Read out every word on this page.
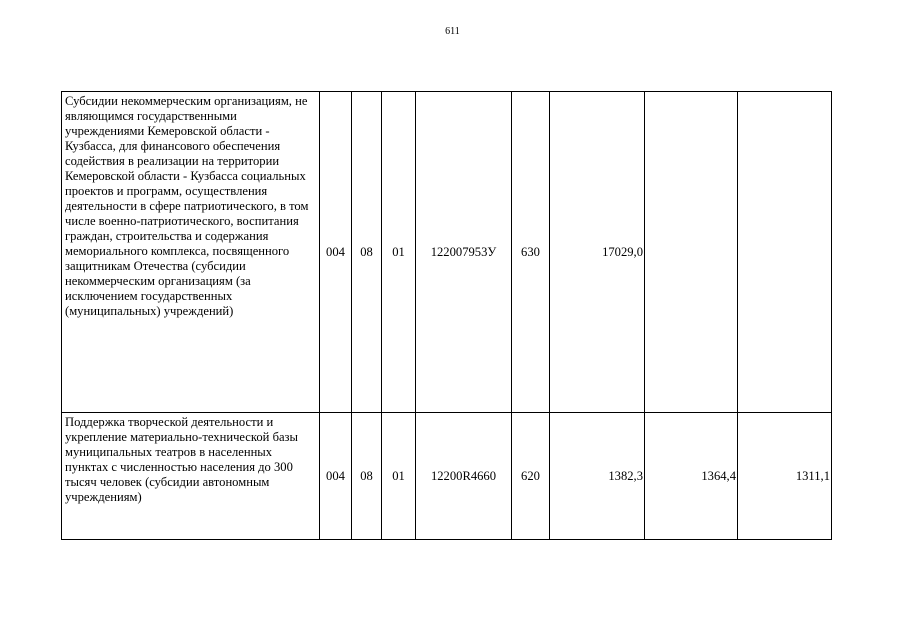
611
Субсидии некоммерческим организациям, не являющимся государственными учреждениями Кемеровской области - Кузбасса, для финансового обеспечения содействия в реализации на территории Кемеровской области - Кузбасса социальных проектов и программ, осуществления деятельности в сфере патриотического, в том числе военно-патриотического, воспитания граждан, строительства и содержания мемориального комплекса, посвященного защитникам Отечества (субсидии некоммерческим организациям (за исключением государственных (муниципальных) учреждений)	004	08	01	122007953У	630	17029,0		

Поддержка творческой деятельности и укрепление материально-технической базы муниципальных театров в населенных пунктах с численностью населения до 300 тысяч человек (субсидии автономным учреждениям)	004	08	01	12200R4660	620	1382,3	1364,4	1311,1
